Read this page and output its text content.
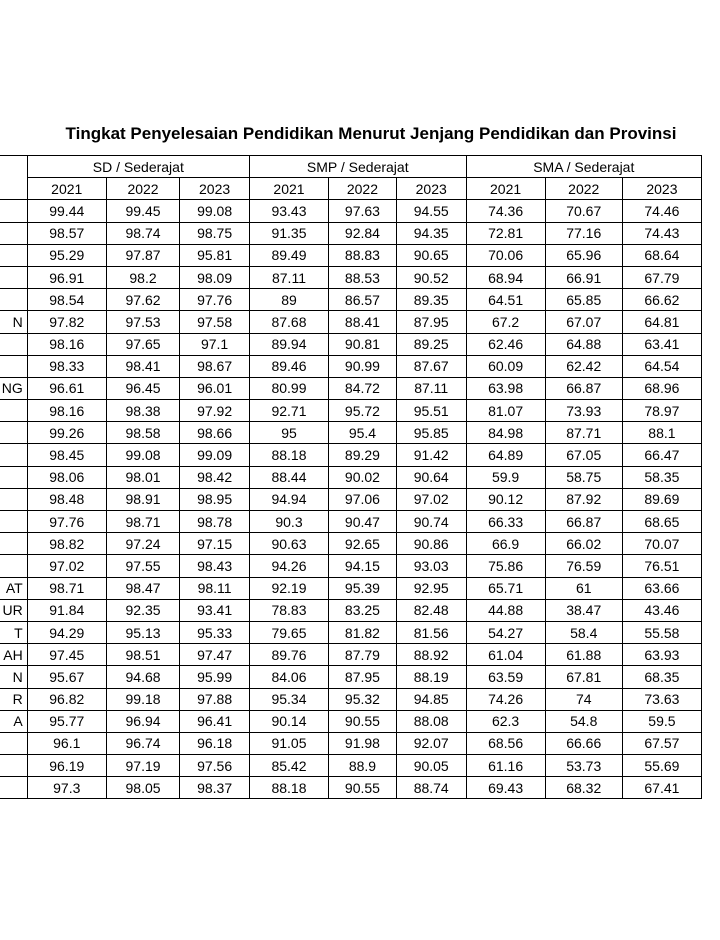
Tingkat Penyelesaian Pendidikan Menurut Jenjang Pendidikan dan Provinsi
	SD / Sederajat			SMP / Sederajat			SMA / Sederajat		
	2021	2022	2023	2021	2022	2023	2021	2022	2023
	99.44	99.45	99.08	93.43	97.63	94.55	74.36	70.67	74.46
	98.57	98.74	98.75	91.35	92.84	94.35	72.81	77.16	74.43
	95.29	97.87	95.81	89.49	88.83	90.65	70.06	65.96	68.64
	96.91	98.2	98.09	87.11	88.53	90.52	68.94	66.91	67.79
	98.54	97.62	97.76	89	86.57	89.35	64.51	65.85	66.62
N	97.82	97.53	97.58	87.68	88.41	87.95	67.2	67.07	64.81
	98.16	97.65	97.1	89.94	90.81	89.25	62.46	64.88	63.41
	98.33	98.41	98.67	89.46	90.99	87.67	60.09	62.42	64.54
NG	96.61	96.45	96.01	80.99	84.72	87.11	63.98	66.87	68.96
	98.16	98.38	97.92	92.71	95.72	95.51	81.07	73.93	78.97
	99.26	98.58	98.66	95	95.4	95.85	84.98	87.71	88.1
	98.45	99.08	99.09	88.18	89.29	91.42	64.89	67.05	66.47
	98.06	98.01	98.42	88.44	90.02	90.64	59.9	58.75	58.35
	98.48	98.91	98.95	94.94	97.06	97.02	90.12	87.92	89.69
	97.76	98.71	98.78	90.3	90.47	90.74	66.33	66.87	68.65
	98.82	97.24	97.15	90.63	92.65	90.86	66.9	66.02	70.07
	97.02	97.55	98.43	94.26	94.15	93.03	75.86	76.59	76.51
AT	98.71	98.47	98.11	92.19	95.39	92.95	65.71	61	63.66
UR	91.84	92.35	93.41	78.83	83.25	82.48	44.88	38.47	43.46
T	94.29	95.13	95.33	79.65	81.82	81.56	54.27	58.4	55.58
AH	97.45	98.51	97.47	89.76	87.79	88.92	61.04	61.88	63.93
N	95.67	94.68	95.99	84.06	87.95	88.19	63.59	67.81	68.35
R	96.82	99.18	97.88	95.34	95.32	94.85	74.26	74	73.63
A	95.77	96.94	96.41	90.14	90.55	88.08	62.3	54.8	59.5
	96.1	96.74	96.18	91.05	91.98	92.07	68.56	66.66	67.57
	96.19	97.19	97.56	85.42	88.9	90.05	61.16	53.73	55.69
	97.3	98.05	98.37	88.18	90.55	88.74	69.43	68.32	67.41
